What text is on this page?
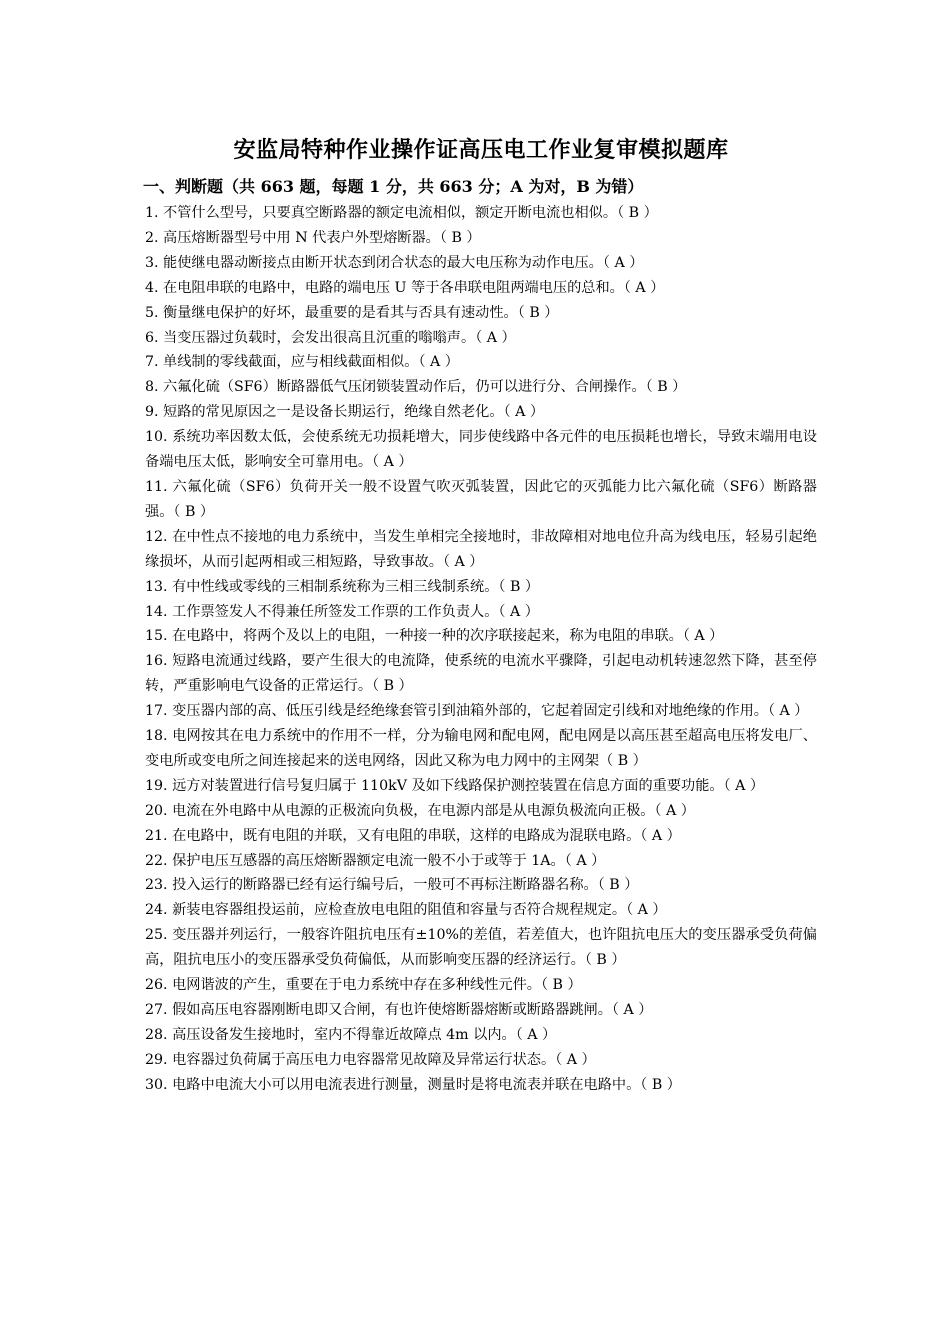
安监局特种作业操作证高压电工作业复审模拟题库
一、判断题（共 663 题，每题 1 分，共 663 分；A 为对，B 为错）
1. 不管什么型号，只要真空断路器的额定电流相似，额定开断电流也相似。（ B ）
2. 高压熔断器型号中用 N 代表户外型熔断器。（ B ）
3. 能使继电器动断接点由断开状态到闭合状态的最大电压称为动作电压。（ A ）
4. 在电阻串联的电路中，电路的端电压 U 等于各串联电阻两端电压的总和。（ A ）
5. 衡量继电保护的好坏，最重要的是看其与否具有速动性。（ B ）
6. 当变压器过负载时，会发出很高且沉重的嗡嗡声。（ A ）
7. 单线制的零线截面，应与相线截面相似。（ A ）
8. 六氟化硫（SF6）断路器低气压闭锁装置动作后，仍可以进行分、合闸操作。（ B ）
9. 短路的常见原因之一是设备长期运行，绝缘自然老化。（ A ）
10. 系统功率因数太低，会使系统无功损耗增大，同步使线路中各元件的电压损耗也增长，导致末端用电设备端电压太低，影响安全可靠用电。（ A ）
11. 六氟化硫（SF6）负荷开关一般不设置气吹灭弧装置，因此它的灭弧能力比六氟化硫（SF6）断路器强。（ B ）
12. 在中性点不接地的电力系统中，当发生单相完全接地时，非故障相对地电位升高为线电压，轻易引起绝缘损坏，从而引起两相或三相短路，导致事故。（ A ）
13. 有中性线或零线的三相制系统称为三相三线制系统。（ B ）
14. 工作票签发人不得兼任所签发工作票的工作负责人。（ A ）
15. 在电路中，将两个及以上的电阻，一种接一种的次序联接起来，称为电阻的串联。（ A ）
16. 短路电流通过线路，要产生很大的电流降，使系统的电流水平骤降，引起电动机转速忽然下降，甚至停转，严重影响电气设备的正常运行。（ B ）
17. 变压器内部的高、低压引线是经绝缘套管引到油箱外部的，它起着固定引线和对地绝缘的作用。（ A ）
18. 电网按其在电力系统中的作用不一样，分为输电网和配电网，配电网是以高压甚至超高电压将发电厂、变电所或变电所之间连接起来的送电网络，因此又称为电力网中的主网架（ B ）
19. 远方对装置进行信号复归属于 110kV 及如下线路保护测控装置在信息方面的重要功能。（ A ）
20. 电流在外电路中从电源的正极流向负极，在电源内部是从电源负极流向正极。（ A ）
21. 在电路中，既有电阻的并联，又有电阻的串联，这样的电路成为混联电路。（ A ）
22. 保护电压互感器的高压熔断器额定电流一般不小于或等于 1A。（ A ）
23. 投入运行的断路器已经有运行编号后，一般可不再标注断路器名称。（ B ）
24. 新装电容器组投运前，应检查放电电阻的阻值和容量与否符合规程规定。（ A ）
25. 变压器并列运行，一般容许阻抗电压有±10%的差值，若差值大，也许阻抗电压大的变压器承受负荷偏高，阻抗电压小的变压器承受负荷偏低，从而影响变压器的经济运行。（ B ）
26. 电网谐波的产生，重要在于电力系统中存在多种线性元件。（ B ）
27. 假如高压电容器刚断电即又合闸，有也许使熔断器熔断或断路器跳闸。（ A ）
28. 高压设备发生接地时，室内不得靠近故障点 4m 以内。（ A ）
29. 电容器过负荷属于高压电力电容器常见故障及异常运行状态。（ A ）
30. 电路中电流大小可以用电流表进行测量，测量时是将电流表并联在电路中。（ B ）
